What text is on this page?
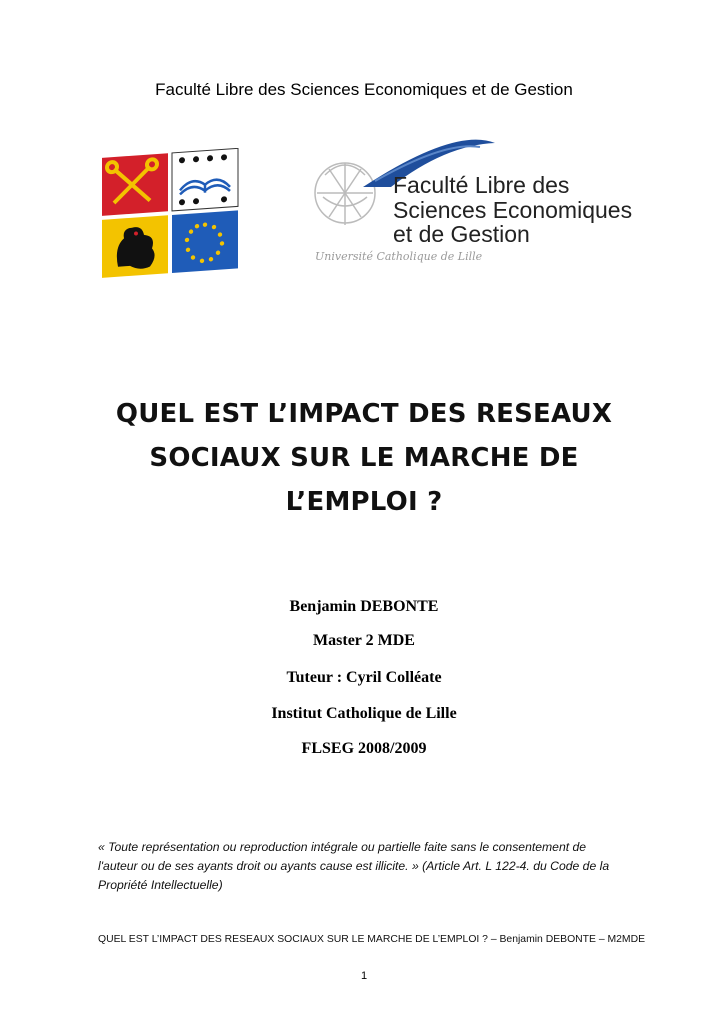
Faculté Libre des Sciences Economiques et de Gestion
Faculté Libre des
Sciences Economiques
et de Gestion
Université Catholique de Lille
QUEL EST L’IMPACT DES RESEAUX
SOCIAUX SUR LE MARCHE DE
L’EMPLOI ?
Benjamin DEBONTE
Master 2 MDE
Tuteur : Cyril Colléate
Institut Catholique de Lille
FLSEG 2008/2009
« Toute représentation ou reproduction intégrale ou partielle faite sans le consentement de
l'auteur ou de ses ayants droit ou ayants cause est illicite. » (Article Art. L 122-4. du Code de la
Propriété Intellectuelle)
QUEL EST L’IMPACT DES RESEAUX SOCIAUX SUR LE MARCHE DE L’EMPLOI ? – Benjamin DEBONTE – M2MDE
1
